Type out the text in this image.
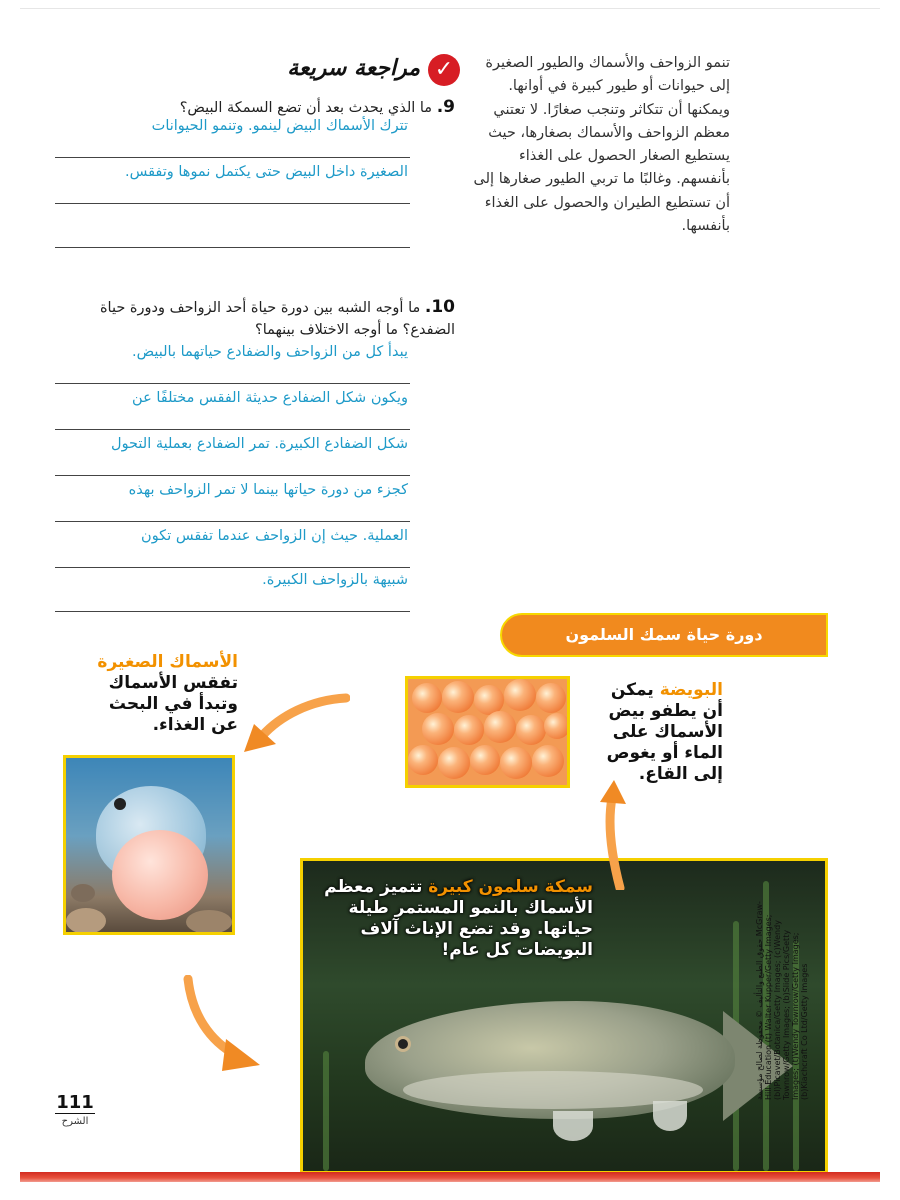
تنمو الزواحف والأسماك والطيور الصغيرة إلى حيوانات أو طيور كبيرة في أوانها. ويمكنها أن تتكاثر وتنجب صغارًا. لا تعتني معظم الزواحف والأسماك بصغارها، حيث يستطيع الصغار الحصول على الغذاء بأنفسهم. وغالبًا ما تربي الطيور صغارها إلى أن تستطيع الطيران والحصول على الغذاء بأنفسها.

✓
مراجعة سريعة

9. ما الذي يحدث بعد أن تضع السمكة البيض؟

تترك الأسماك البيض لينمو. وتنمو الحيوانات
الصغيرة داخل البيض حتى يكتمل نموها وتفقس.

10. ما أوجه الشبه بين دورة حياة أحد الزواحف ودورة حياة الضفدع؟ ما أوجه الاختلاف بينهما؟

يبدأ كل من الزواحف والضفادع حياتهما بالبيض.
ويكون شكل الضفادع حديثة الفقس مختلفًا عن
شكل الضفادع الكبيرة. تمر الضفادع بعملية التحول
كجزء من دورة حياتها بينما لا تمر الزواحف بهذه
العملية. حيث إن الزواحف عندما تفقس تكون
شبيهة بالزواحف الكبيرة.
دورة حياة سمك السلمون

البويضة يمكن أن يطفو بيض الأسماك على الماء أو يغوص إلى القاع.

الأسماك الصغيرة تفقس الأسماك وتبدأ في البحث عن الغذاء.

سمكة سلمون كبيرة تتميز معظم الأسماك بالنمو المستمر طيلة حياتها. وقد تضع الإناث آلاف البويضات كل عام!	حقوق الطبع والتأليف © محفوظة لصالح مؤسسة McGraw-Hill Education (t) Walter Kupper/Getty Images; (bl)Picavet/Botanica/Getty Images; (c)Wendy Townrow/Getty Images; (b)Slide Pics/Getty Images; (t)Wendy Townrow/Getty Images; (b)Kiachcraft Co Ltd/Getty Images
111
الشرح
